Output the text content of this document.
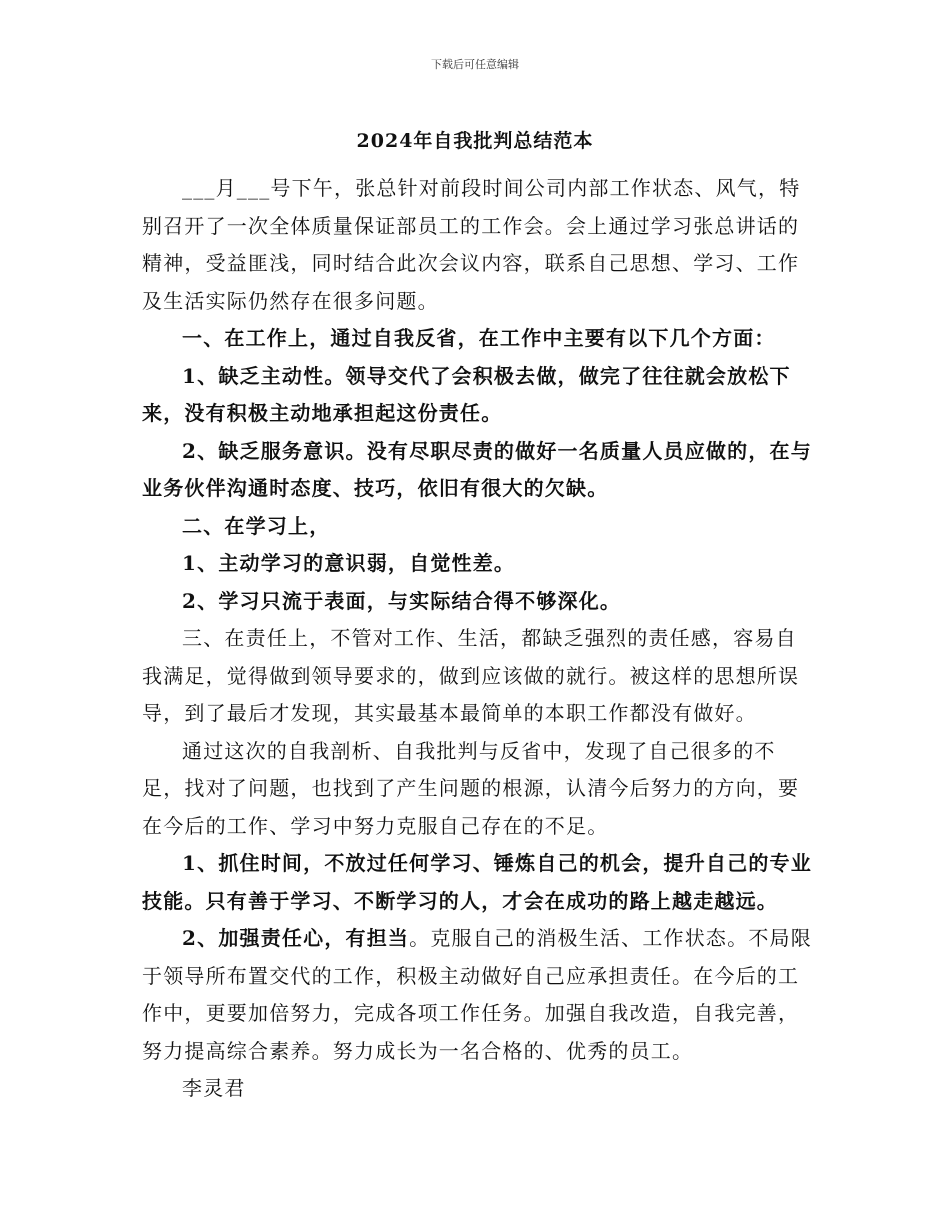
下载后可任意编辑
2024年自我批判总结范本

___月___号下午，张总针对前段时间公司内部工作状态、风气，特别召开了一次全体质量保证部员工的工作会。会上通过学习张总讲话的精神，受益匪浅，同时结合此次会议内容，联系自己思想、学习、工作及生活实际仍然存在很多问题。

一、在工作上，通过自我反省，在工作中主要有以下几个方面：

1、缺乏主动性。领导交代了会积极去做，做完了往往就会放松下来，没有积极主动地承担起这份责任。

2、缺乏服务意识。没有尽职尽责的做好一名质量人员应做的，在与业务伙伴沟通时态度、技巧，依旧有很大的欠缺。

二、在学习上，

1、主动学习的意识弱，自觉性差。

2、学习只流于表面，与实际结合得不够深化。

三、在责任上，不管对工作、生活，都缺乏强烈的责任感，容易自我满足，觉得做到领导要求的，做到应该做的就行。被这样的思想所误导，到了最后才发现，其实最基本最简单的本职工作都没有做好。

通过这次的自我剖析、自我批判与反省中，发现了自己很多的不足，找对了问题，也找到了产生问题的根源，认清今后努力的方向，要在今后的工作、学习中努力克服自己存在的不足。

1、抓住时间，不放过任何学习、锤炼自己的机会，提升自己的专业技能。只有善于学习、不断学习的人，才会在成功的路上越走越远。

2、加强责任心，有担当。克服自己的消极生活、工作状态。不局限于领导所布置交代的工作，积极主动做好自己应承担责任。在今后的工作中，更要加倍努力，完成各项工作任务。加强自我改造，自我完善，努力提高综合素养。努力成长为一名合格的、优秀的员工。

李灵君
